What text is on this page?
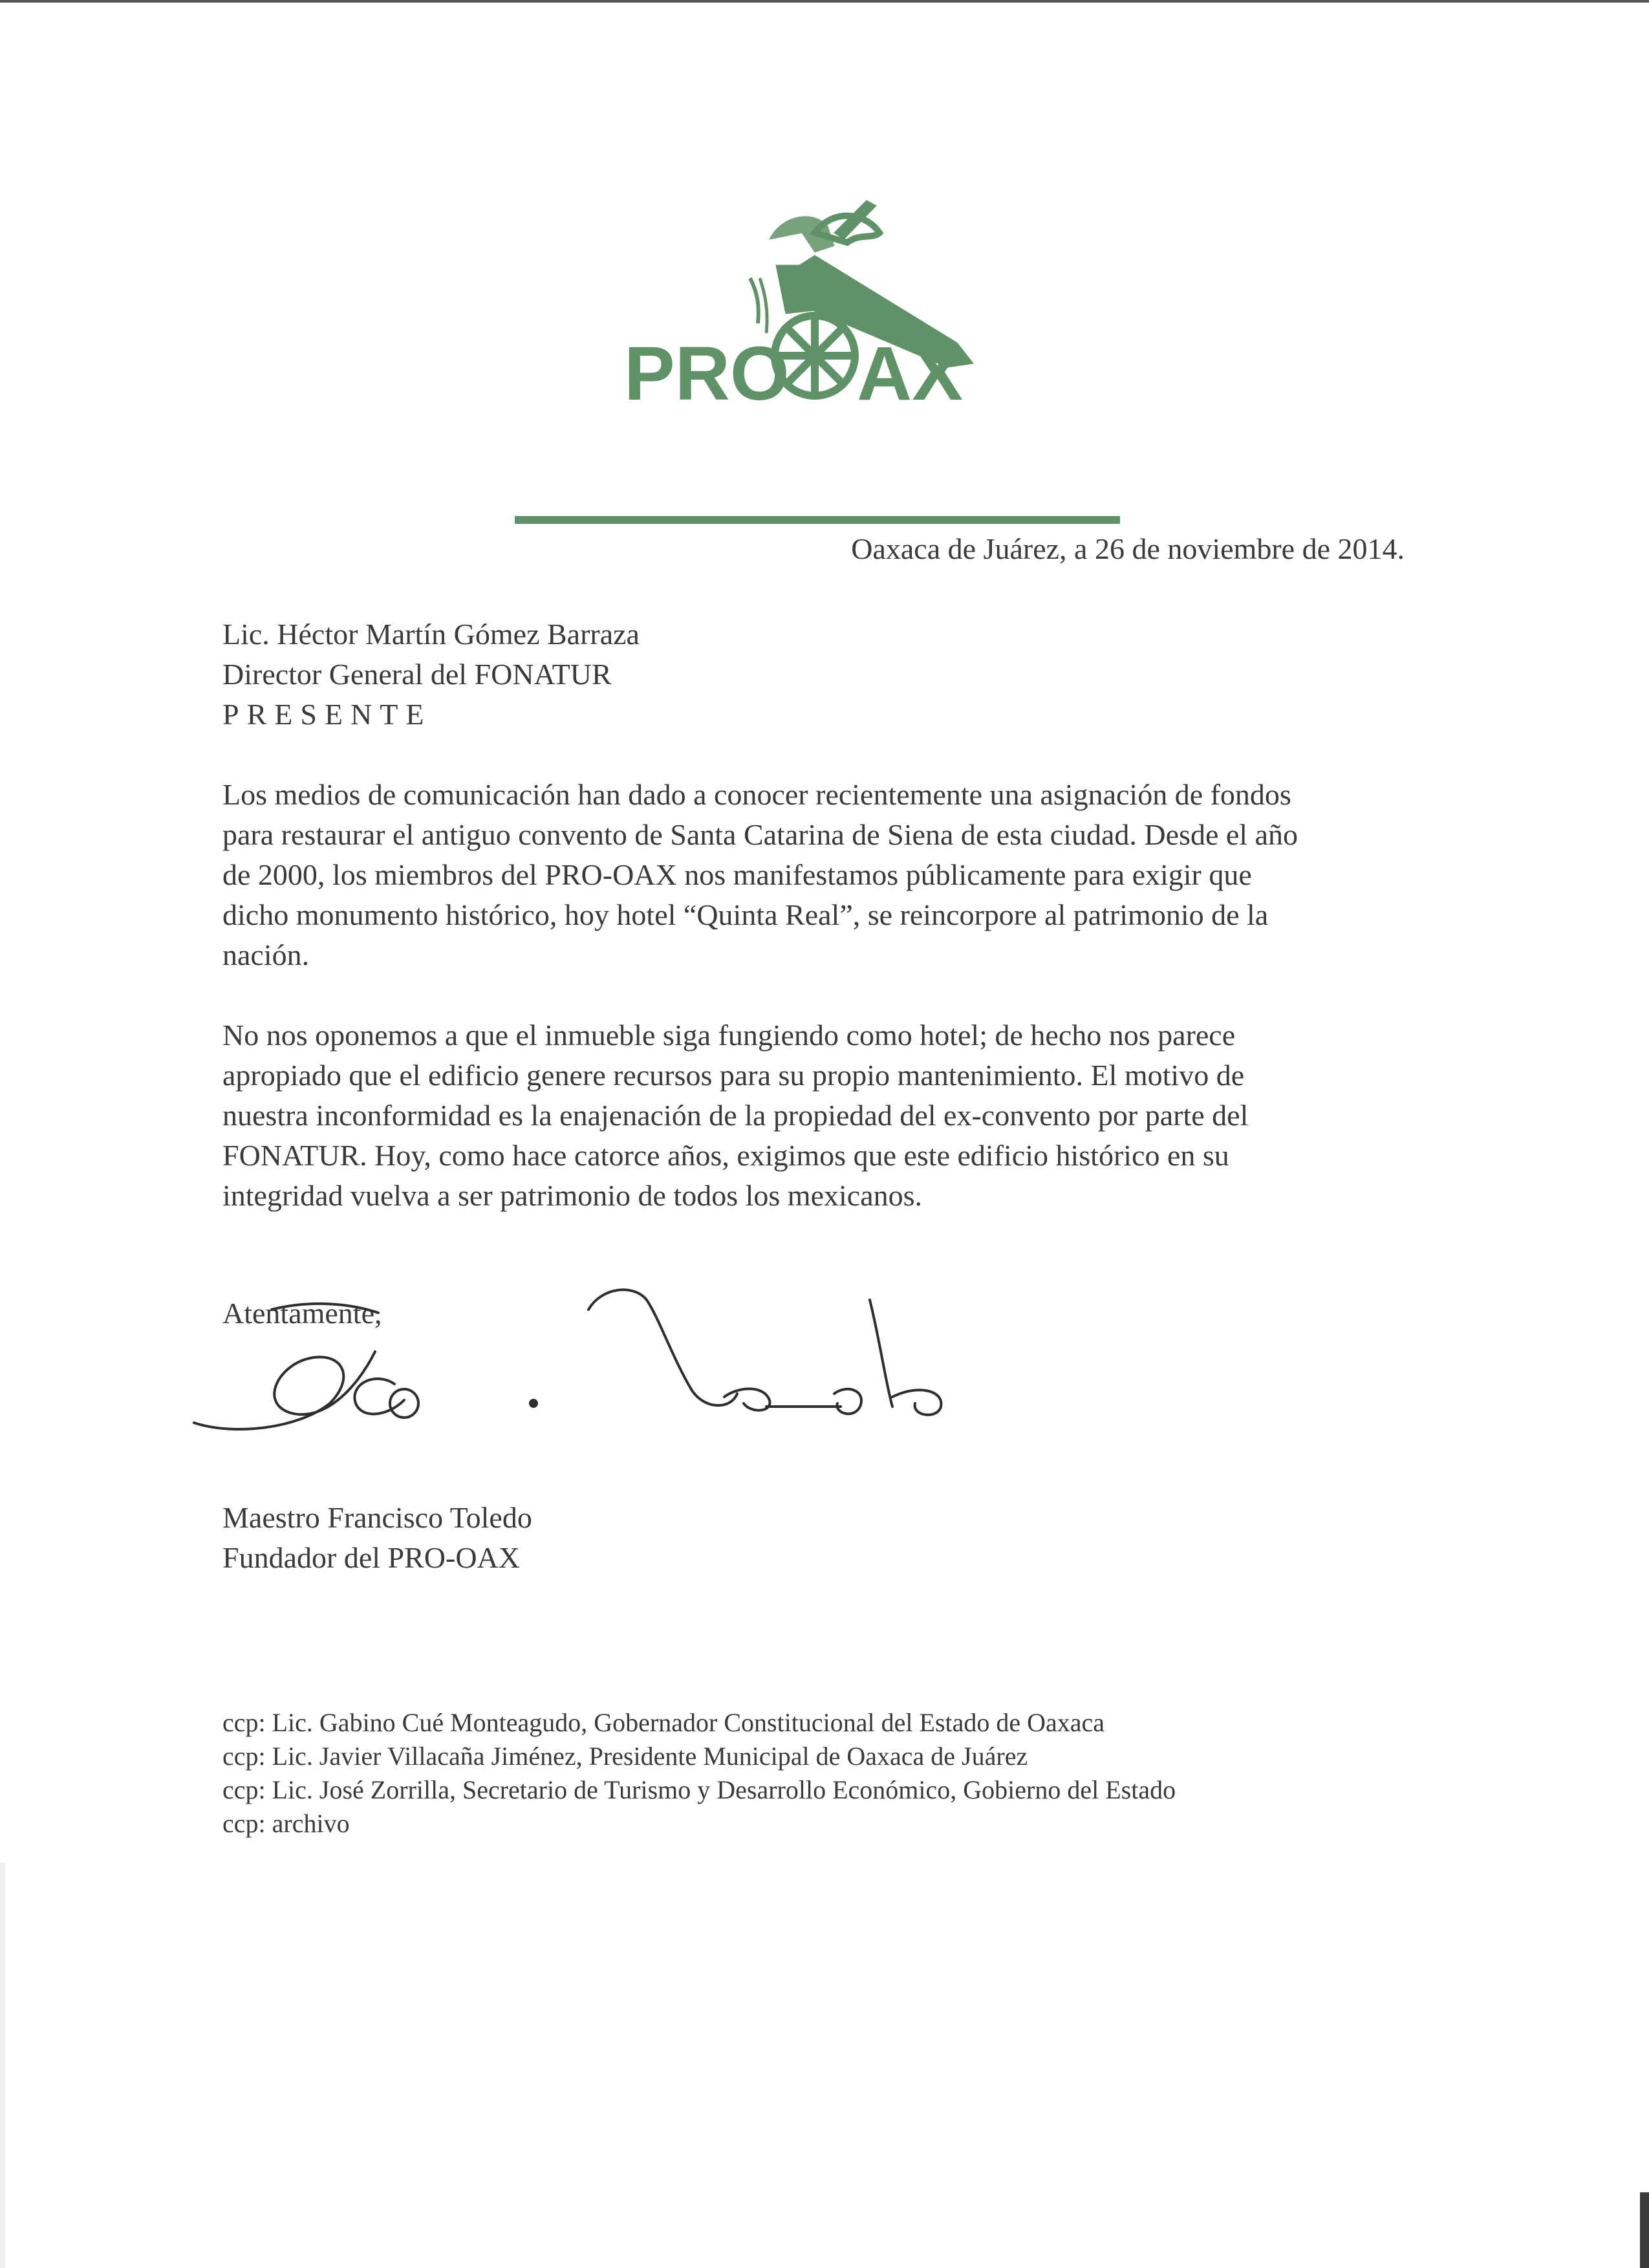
PRO AX
Oaxaca de Juárez, a 26 de noviembre de 2014.
Lic. Héctor Martín Gómez Barraza
Director General del FONATUR
PRESENTE
Los medios de comunicación han dado a conocer recientemente una asignación de fondos
para restaurar el antiguo convento de Santa Catarina de Siena de esta ciudad. Desde el año
de 2000, los miembros del PRO-OAX nos manifestamos públicamente para exigir que
dicho monumento histórico, hoy hotel “Quinta Real”, se reincorpore al patrimonio de la
nación.
No nos oponemos a que el inmueble siga fungiendo como hotel; de hecho nos parece
apropiado que el edificio genere recursos para su propio mantenimiento. El motivo de
nuestra inconformidad es la enajenación de la propiedad del ex-convento por parte del
FONATUR. Hoy, como hace catorce años, exigimos que este edificio histórico en su
integridad vuelva a ser patrimonio de todos los mexicanos.
Atentamente,
Maestro Francisco Toledo
Fundador del PRO-OAX
ccp: Lic. Gabino Cué Monteagudo, Gobernador Constitucional del Estado de Oaxaca
ccp: Lic. Javier Villacaña Jiménez, Presidente Municipal de Oaxaca de Juárez
ccp: Lic. José Zorrilla, Secretario de Turismo y Desarrollo Económico, Gobierno del Estado
ccp: archivo
